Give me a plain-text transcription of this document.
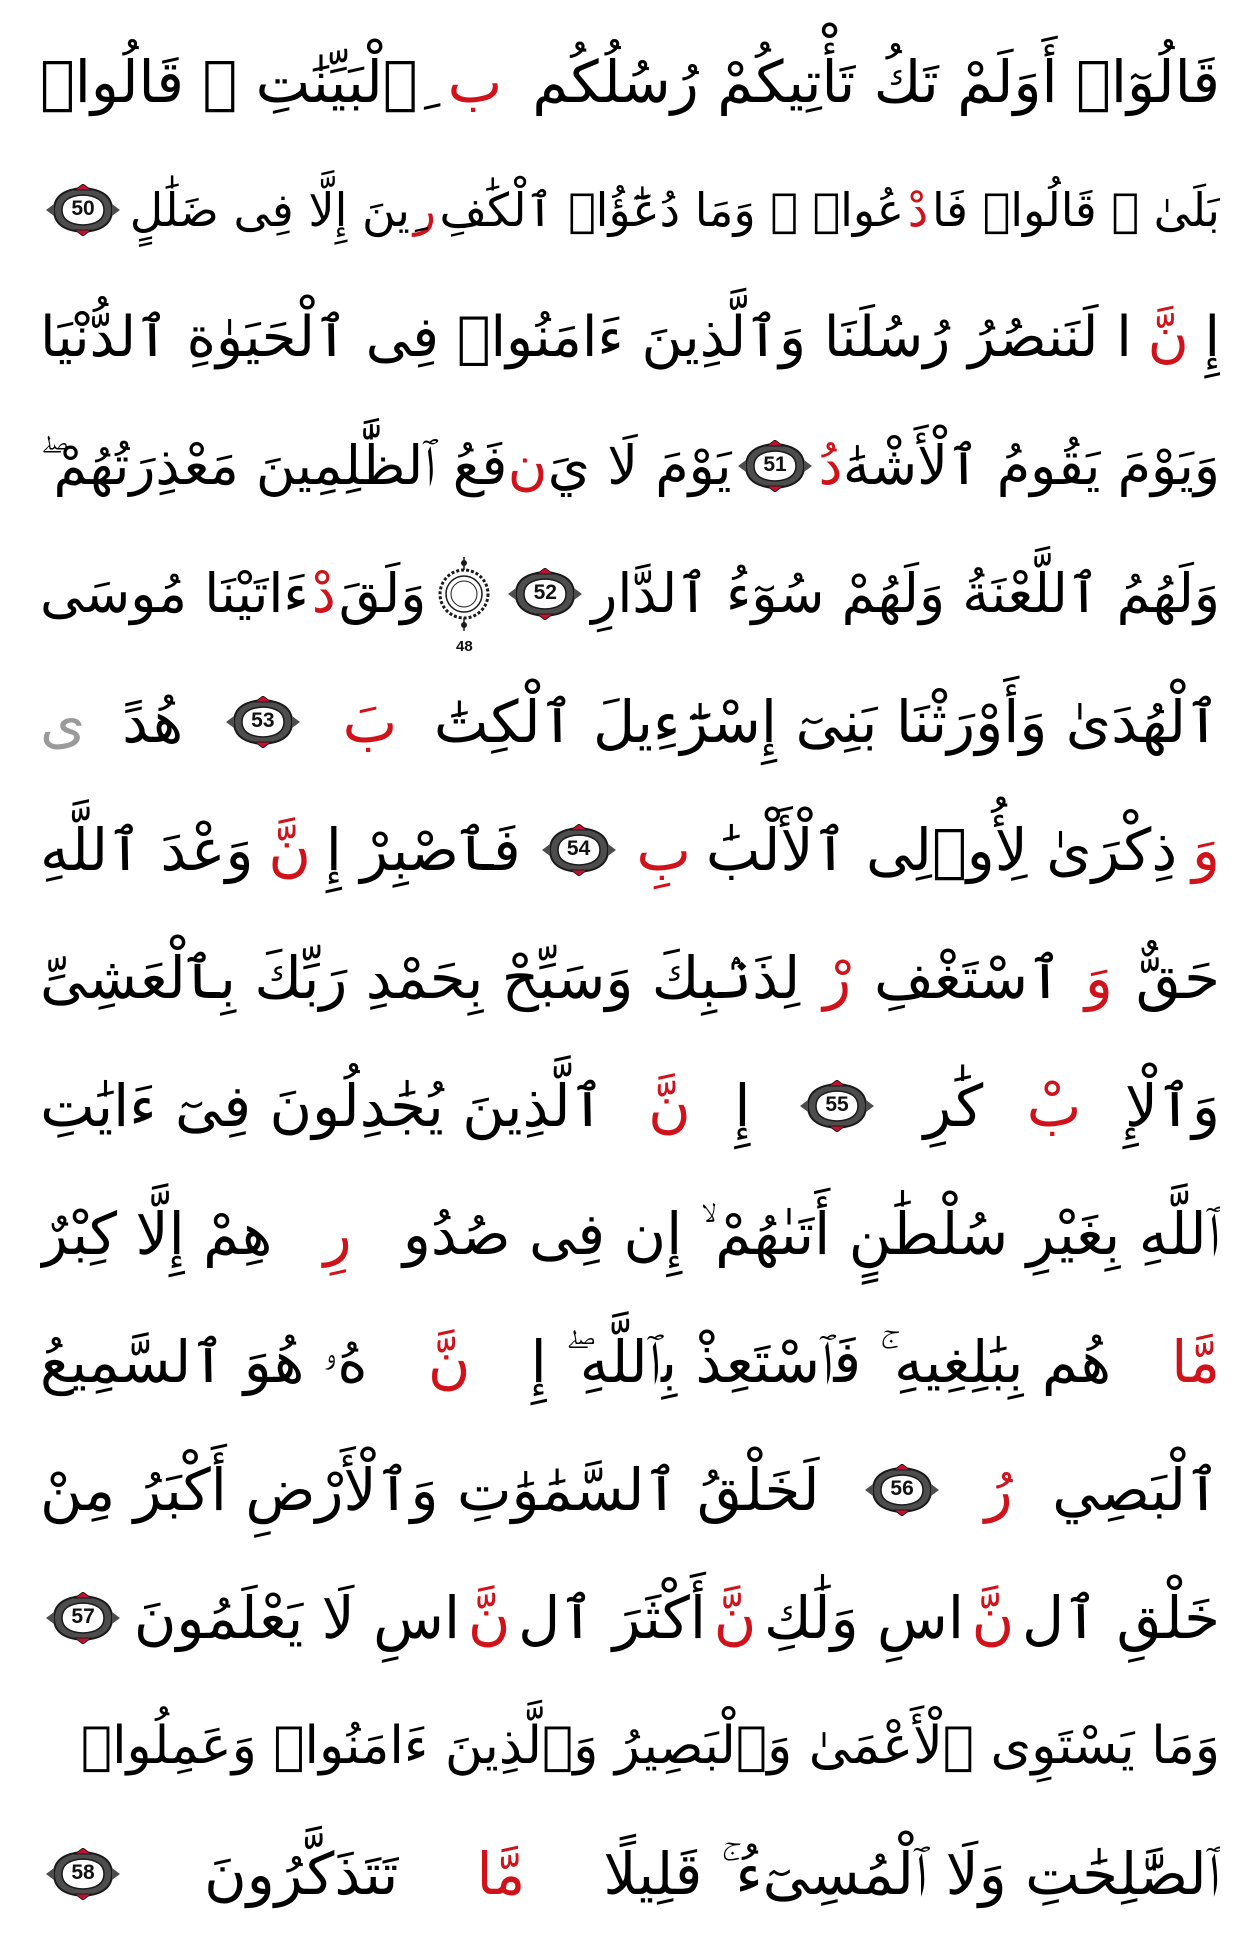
قَالُوٓا۟ أَوَلَمْ تَكُ تَأْتِيكُمْ رُسُلُكُم
ب
ِٱلْبَيِّنَٰتِ ۖ قَالُوا۟
بَلَىٰ ۚ قَالُوا۟ فَا
دْ
عُوا۟ ۗ وَمَا دُعَٰٓؤُا۟ ٱلْكَٰفِ
ر
ِينَ إِلَّا فِى ضَلَٰلٍ
50
إِ
نَّ
ا لَنَنصُرُ رُسُلَنَا وَٱلَّذِينَ ءَامَنُوا۟ فِى ٱلْحَيَوٰةِ ٱلدُّنْيَا
وَيَوْمَ يَقُومُ ٱلْأَشْهَٰ
دُ
51
يَوْمَ لَا يَ
ن
فَعُ ٱلظَّٰلِمِينَ مَعْذِرَتُهُمْ ۖ
وَلَهُمُ ٱللَّعْنَةُ وَلَهُمْ سُوٓءُ ٱلدَّارِ
52
48
وَلَقَ
دْ
ءَاتَيْنَا مُوسَى
ٱلْهُدَىٰ وَأَوْرَثْنَا بَنِىٓ إِسْرَٰٓءِيلَ ٱلْكِتَٰ
بَ
53
هُدً
ى
وَ
ذِكْرَىٰ لِأُو۟لِى ٱلْأَلْبَٰ
بِ
54
فَٱصْبِرْ إِ
نَّ
وَعْدَ ٱللَّهِ
حَقٌّ
وَ
ٱسْتَغْفِ
رْ
لِذَنۢبِكَ وَسَبِّحْ بِحَمْدِ رَبِّكَ بِٱلْعَشِىِّ
وَٱلْإِ
بْ
كَٰرِ
55
إِ
نَّ
ٱلَّذِينَ يُجَٰدِلُونَ فِىٓ ءَايَٰتِ
ٱللَّهِ بِغَيْرِ سُلْطَٰنٍ أَتَىٰهُمْ ۙ إِن فِى صُدُو
رِ
هِمْ إِلَّا كِبْرٌ
مَّا
هُم بِبَٰلِغِيهِ ۚ فَٱسْتَعِذْ بِٱللَّهِ ۖ إِ
نَّ
هُۥ هُوَ ٱلسَّمِيعُ
ٱلْبَصِي
رُ
56
لَخَلْقُ ٱلسَّمَٰوَٰتِ وَٱلْأَرْضِ أَكْبَرُ مِنْ
خَلْقِ ٱل
نَّ
اسِ وَلَٰكِ
نَّ
أَكْثَرَ ٱل
نَّ
اسِ لَا يَعْلَمُونَ
57
وَمَا يَسْتَوِى ٱلْأَعْمَىٰ وَٱلْبَصِيرُ وَٱلَّذِينَ ءَامَنُوا۟ وَعَمِلُوا۟
ٱلصَّٰلِحَٰتِ وَلَا ٱلْمُسِىٓءُ ۚ قَلِيلًا
مَّا
تَتَذَكَّرُونَ
58
